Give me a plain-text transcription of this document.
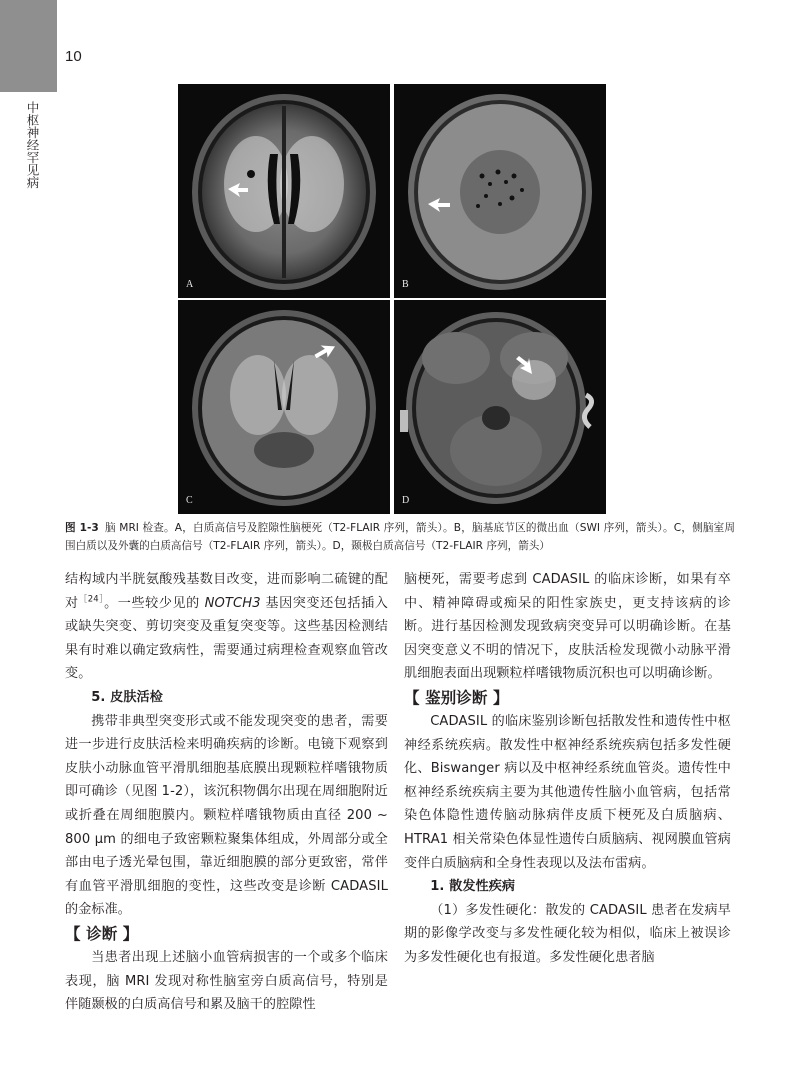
10
中枢神经罕见病
A	B
C	D
图 1-3 脑 MRI 检查。A，白质高信号及腔隙性脑梗死（T2-FLAIR 序列，箭头）。B，脑基底节区的微出血（SWI 序列，箭头）。C，侧脑室周围白质以及外囊的白质高信号（T2-FLAIR 序列，箭头）。D，颞极白质高信号（T2-FLAIR 序列，箭头）

结构域内半胱氨酸残基数目改变，进而影响二硫键的配对$^{[24]}$。一些较少见的 NOTCH3 基因突变还包括插入或缺失突变、剪切突变及重复突变等。这些基因检测结果有时难以确定致病性，需要通过病理检查观察血管改变。

5. 皮肤活检

携带非典型突变形式或不能发现突变的患者，需要进一步进行皮肤活检来明确疾病的诊断。电镜下观察到皮肤小动脉血管平滑肌细胞基底膜出现颗粒样嗜锇物质即可确诊（见图 1-2），该沉积物偶尔出现在周细胞附近或折叠在周细胞膜内。颗粒样嗜锇物质由直径 200 ~ 800 μm 的细电子致密颗粒聚集体组成，外周部分或全部由电子透光晕包围，靠近细胞膜的部分更致密，常伴有血管平滑肌细胞的变性，这些改变是诊断 CADASIL 的金标准。

【 诊断 】

当患者出现上述脑小血管病损害的一个或多个临床表现，脑 MRI 发现对称性脑室旁白质高信号，特别是伴随颞极的白质高信号和累及脑干的腔隙性

脑梗死，需要考虑到 CADASIL 的临床诊断，如果有卒中、精神障碍或痴呆的阳性家族史，更支持该病的诊断。进行基因检测发现致病突变异可以明确诊断。在基因突变意义不明的情况下，皮肤活检发现微小动脉平滑肌细胞表面出现颗粒样嗜锇物质沉积也可以明确诊断。

【 鉴别诊断 】

CADASIL 的临床鉴别诊断包括散发性和遗传性中枢神经系统疾病。散发性中枢神经系统疾病包括多发性硬化、Biswanger 病以及中枢神经系统血管炎。遗传性中枢神经系统疾病主要为其他遗传性脑小血管病，包括常染色体隐性遗传脑动脉病伴皮质下梗死及白质脑病、HTRA1 相关常染色体显性遗传白质脑病、视网膜血管病变伴白质脑病和全身性表现以及法布雷病。

1. 散发性疾病

（1）多发性硬化：散发的 CADASIL 患者在发病早期的影像学改变与多发性硬化较为相似，临床上被误诊为多发性硬化也有报道。多发性硬化患者脑
